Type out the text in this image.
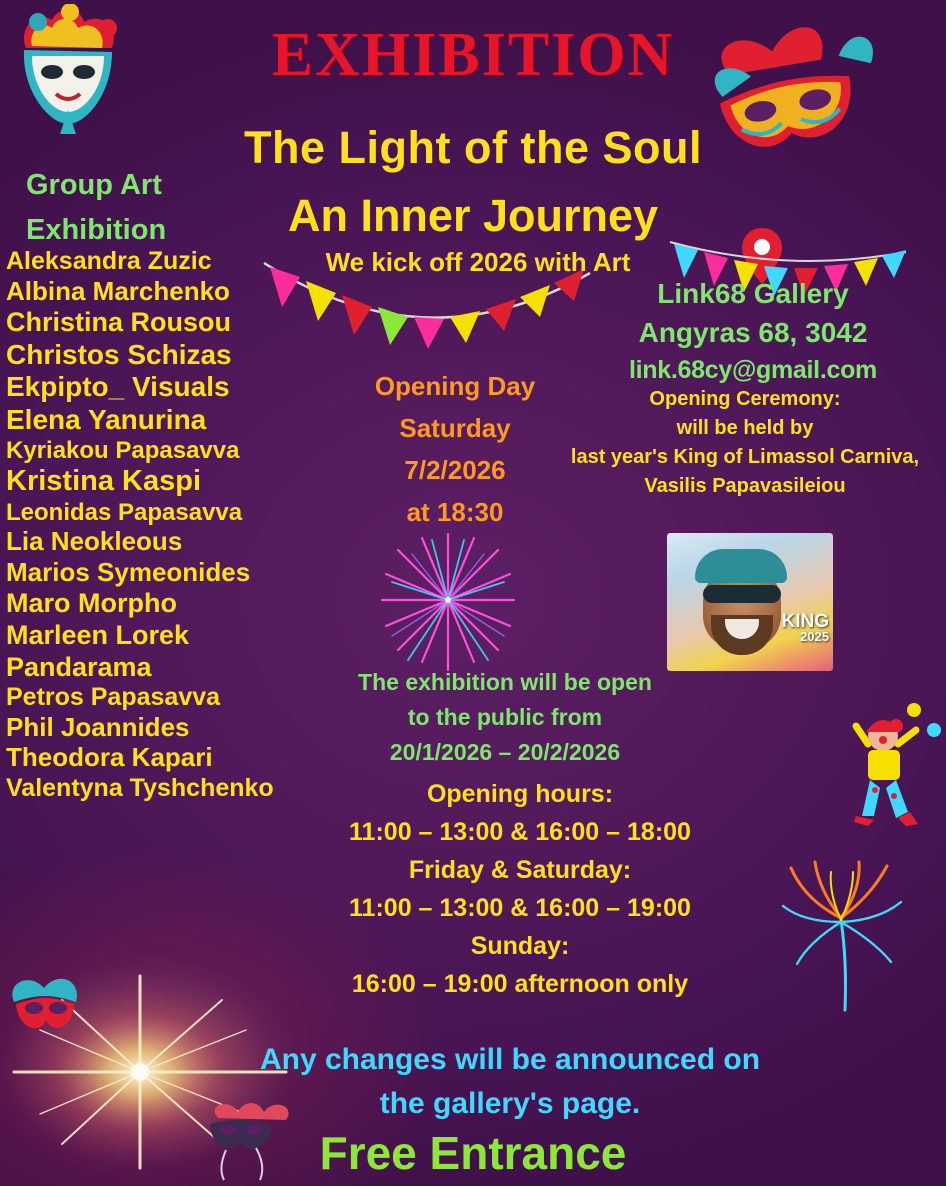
EXHIBITION
The Light of the Soul
An Inner Journey
We kick off 2026 with Art
Group Art
Exhibition
Aleksandra Zuzic
Albina Marchenko
Christina Rousou
Christos Schizas
Ekpipto_ Visuals
Elena Yanurina
Kyriakou Papasavva
Kristina Kaspi
Leonidas Papasavva
Lia Neokleous
Marios Symeonides
Maro Morpho
Marleen Lorek
Pandarama
Petros Papasavva
Phil Joannides
Theodora Kapari
Valentyna Tyshchenko
Link68 Gallery
Angyras 68, 3042
link.68cy@gmail.com
Opening Ceremony:
will be held by
last year's King of Limassol Carniva,
Vasilis Papavasileiou
KING
2025
Opening Day
Saturday
7/2/2026
at 18:30
The exhibition will be open
to the public from
20/1/2026 – 20/2/2026
Opening hours:
11:00 – 13:00 & 16:00 – 18:00
Friday & Saturday:
11:00 – 13:00 & 16:00 – 19:00
Sunday:
16:00 – 19:00 afternoon only
Any changes will be announced on
the gallery's page.
Free Entrance
